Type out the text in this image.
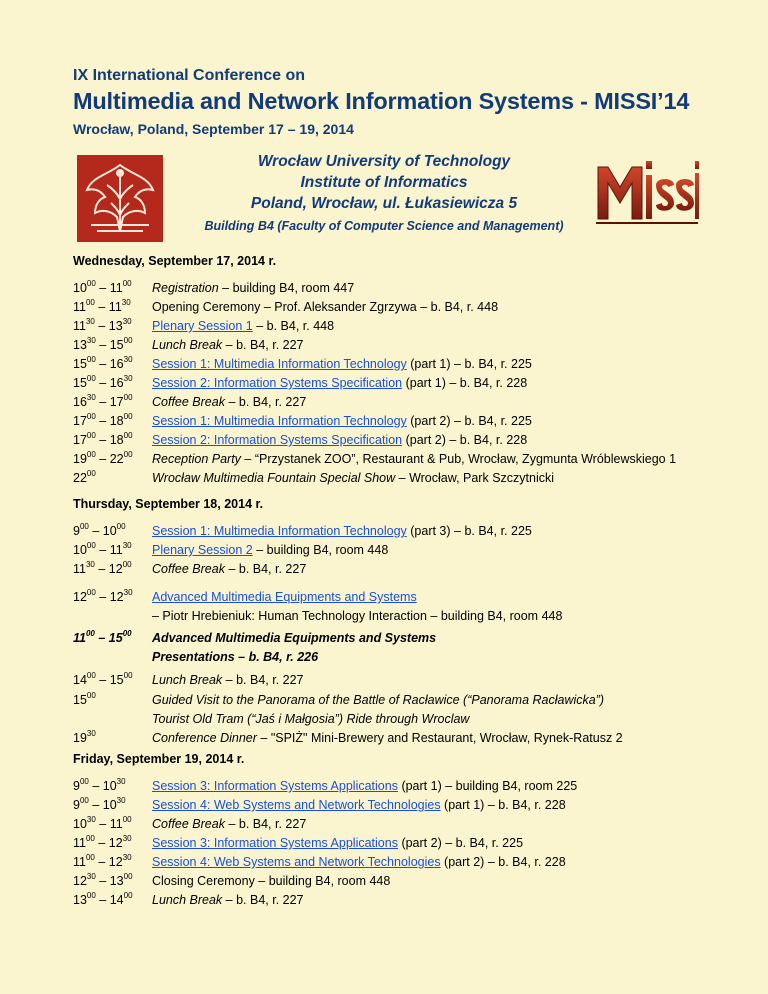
IX International Conference on
Multimedia and Network Information Systems - MISSI’14
Wrocław, Poland, September 17 – 19, 2014
Wrocław University of Technology
Institute of Informatics
Poland, Wrocław, ul. Łukasiewicza 5
Building B4 (Faculty of Computer Science and Management)
Wednesday, September 17, 2014 r.
$10^{00} - 11^{00}$	Registration – building B4, room 447
$11^{00} - 11^{30}$	Opening Ceremony – Prof. Aleksander Zgrzywa – b. B4, r. 448
$11^{30} - 13^{30}$	Plenary Session 1 – b. B4, r. 448
$13^{30} - 15^{00}$	Lunch Break – b. B4, r. 227
$15^{00} - 16^{30}$	Session 1: Multimedia Information Technology (part 1) – b. B4, r. 225
$15^{00} - 16^{30}$	Session 2: Information Systems Specification (part 1) – b. B4, r. 228
$16^{30} - 17^{00}$	Coffee Break – b. B4, r. 227
$17^{00} - 18^{00}$	Session 1: Multimedia Information Technology (part 2) – b. B4, r. 225
$17^{00} - 18^{00}$	Session 2: Information Systems Specification (part 2) – b. B4, r. 228
$19^{00} - 22^{00}$	Reception Party – “Przystanek ZOO”, Restaurant & Pub, Wrocław, Zygmunta Wróblewskiego 1
$22^{00}$	Wrocław Multimedia Fountain Special Show – Wrocław, Park Szczytnicki
Thursday, September 18, 2014 r.
$9^{00} - 10^{00}$	Session 1: Multimedia Information Technology (part 3) – b. B4, r. 225
$10^{00} - 11^{30}$	Plenary Session 2 – building B4, room 448
$11^{30} - 12^{00}$	Coffee Break – b. B4, r. 227
$12^{00} - 12^{30}$	Advanced Multimedia Equipments and Systems
– Piotr Hrebieniuk: Human Technology Interaction – building B4, room 448
$11^{00} - 15^{00}$	Advanced Multimedia Equipments and Systems
Presentations – b. B4, r. 226
$14^{00} - 15^{00}$	Lunch Break – b. B4, r. 227
$15^{00}$	Guided Visit to the Panorama of the Battle of Racławice (“Panorama Racławicka”)
Tourist Old Tram (“Jaś i Małgosia”) Ride through Wroclaw
$19^{30}$	Conference Dinner – "SPIŻ" Mini-Brewery and Restaurant, Wrocław, Rynek-Ratusz 2
Friday, September 19, 2014 r.
$9^{00} - 10^{30}$	Session 3: Information Systems Applications (part 1) – building B4, room 225
$9^{00} - 10^{30}$	Session 4: Web Systems and Network Technologies (part 1) – b. B4, r. 228
$10^{30} - 11^{00}$	Coffee Break – b. B4, r. 227
$11^{00} - 12^{30}$	Session 3: Information Systems Applications (part 2) – b. B4, r. 225
$11^{00} - 12^{30}$	Session 4: Web Systems and Network Technologies (part 2) – b. B4, r. 228
$12^{30} - 13^{00}$	Closing Ceremony – building B4, room 448
$13^{00} - 14^{00}$	Lunch Break – b. B4, r. 227
